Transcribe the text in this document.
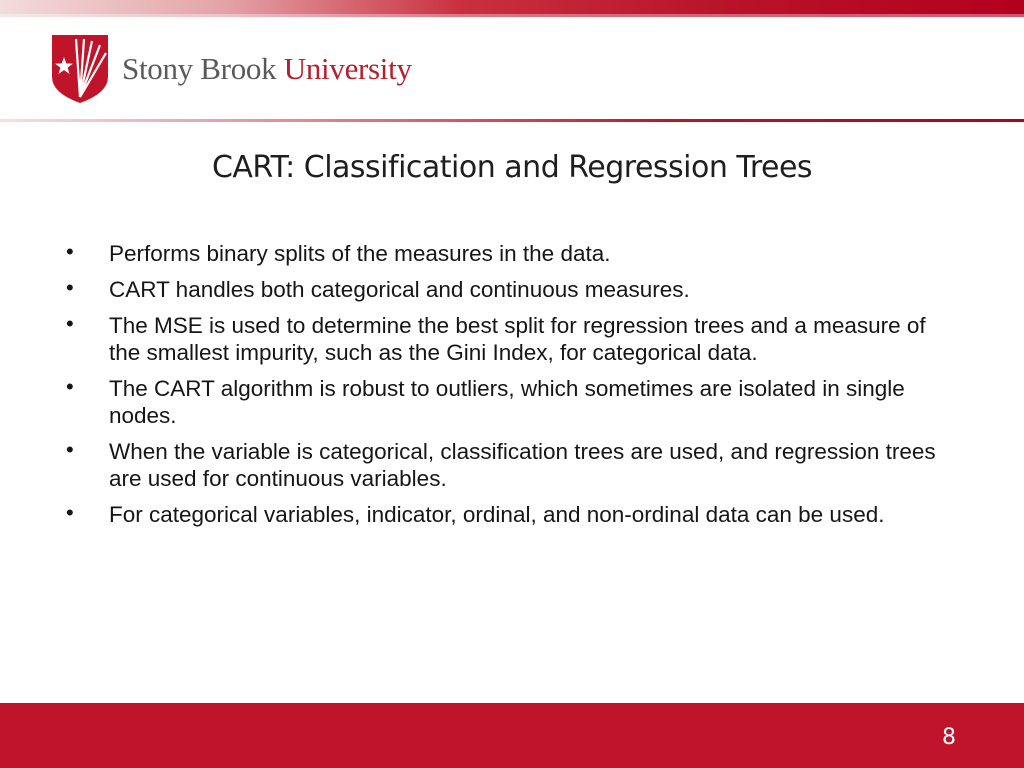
Stony Brook University
CART: Classification and Regression Trees
• Performs binary splits of the measures in the data.
• CART handles both categorical and continuous measures.
• The MSE is used to determine the best split for regression trees and a measure of the smallest impurity, such as the Gini Index, for categorical data.
• The CART algorithm is robust to outliers, which sometimes are isolated in single nodes.
• When the variable is categorical, classification trees are used, and regression trees are used for continuous variables.
• For categorical variables, indicator, ordinal, and non-ordinal data can be used.
8
